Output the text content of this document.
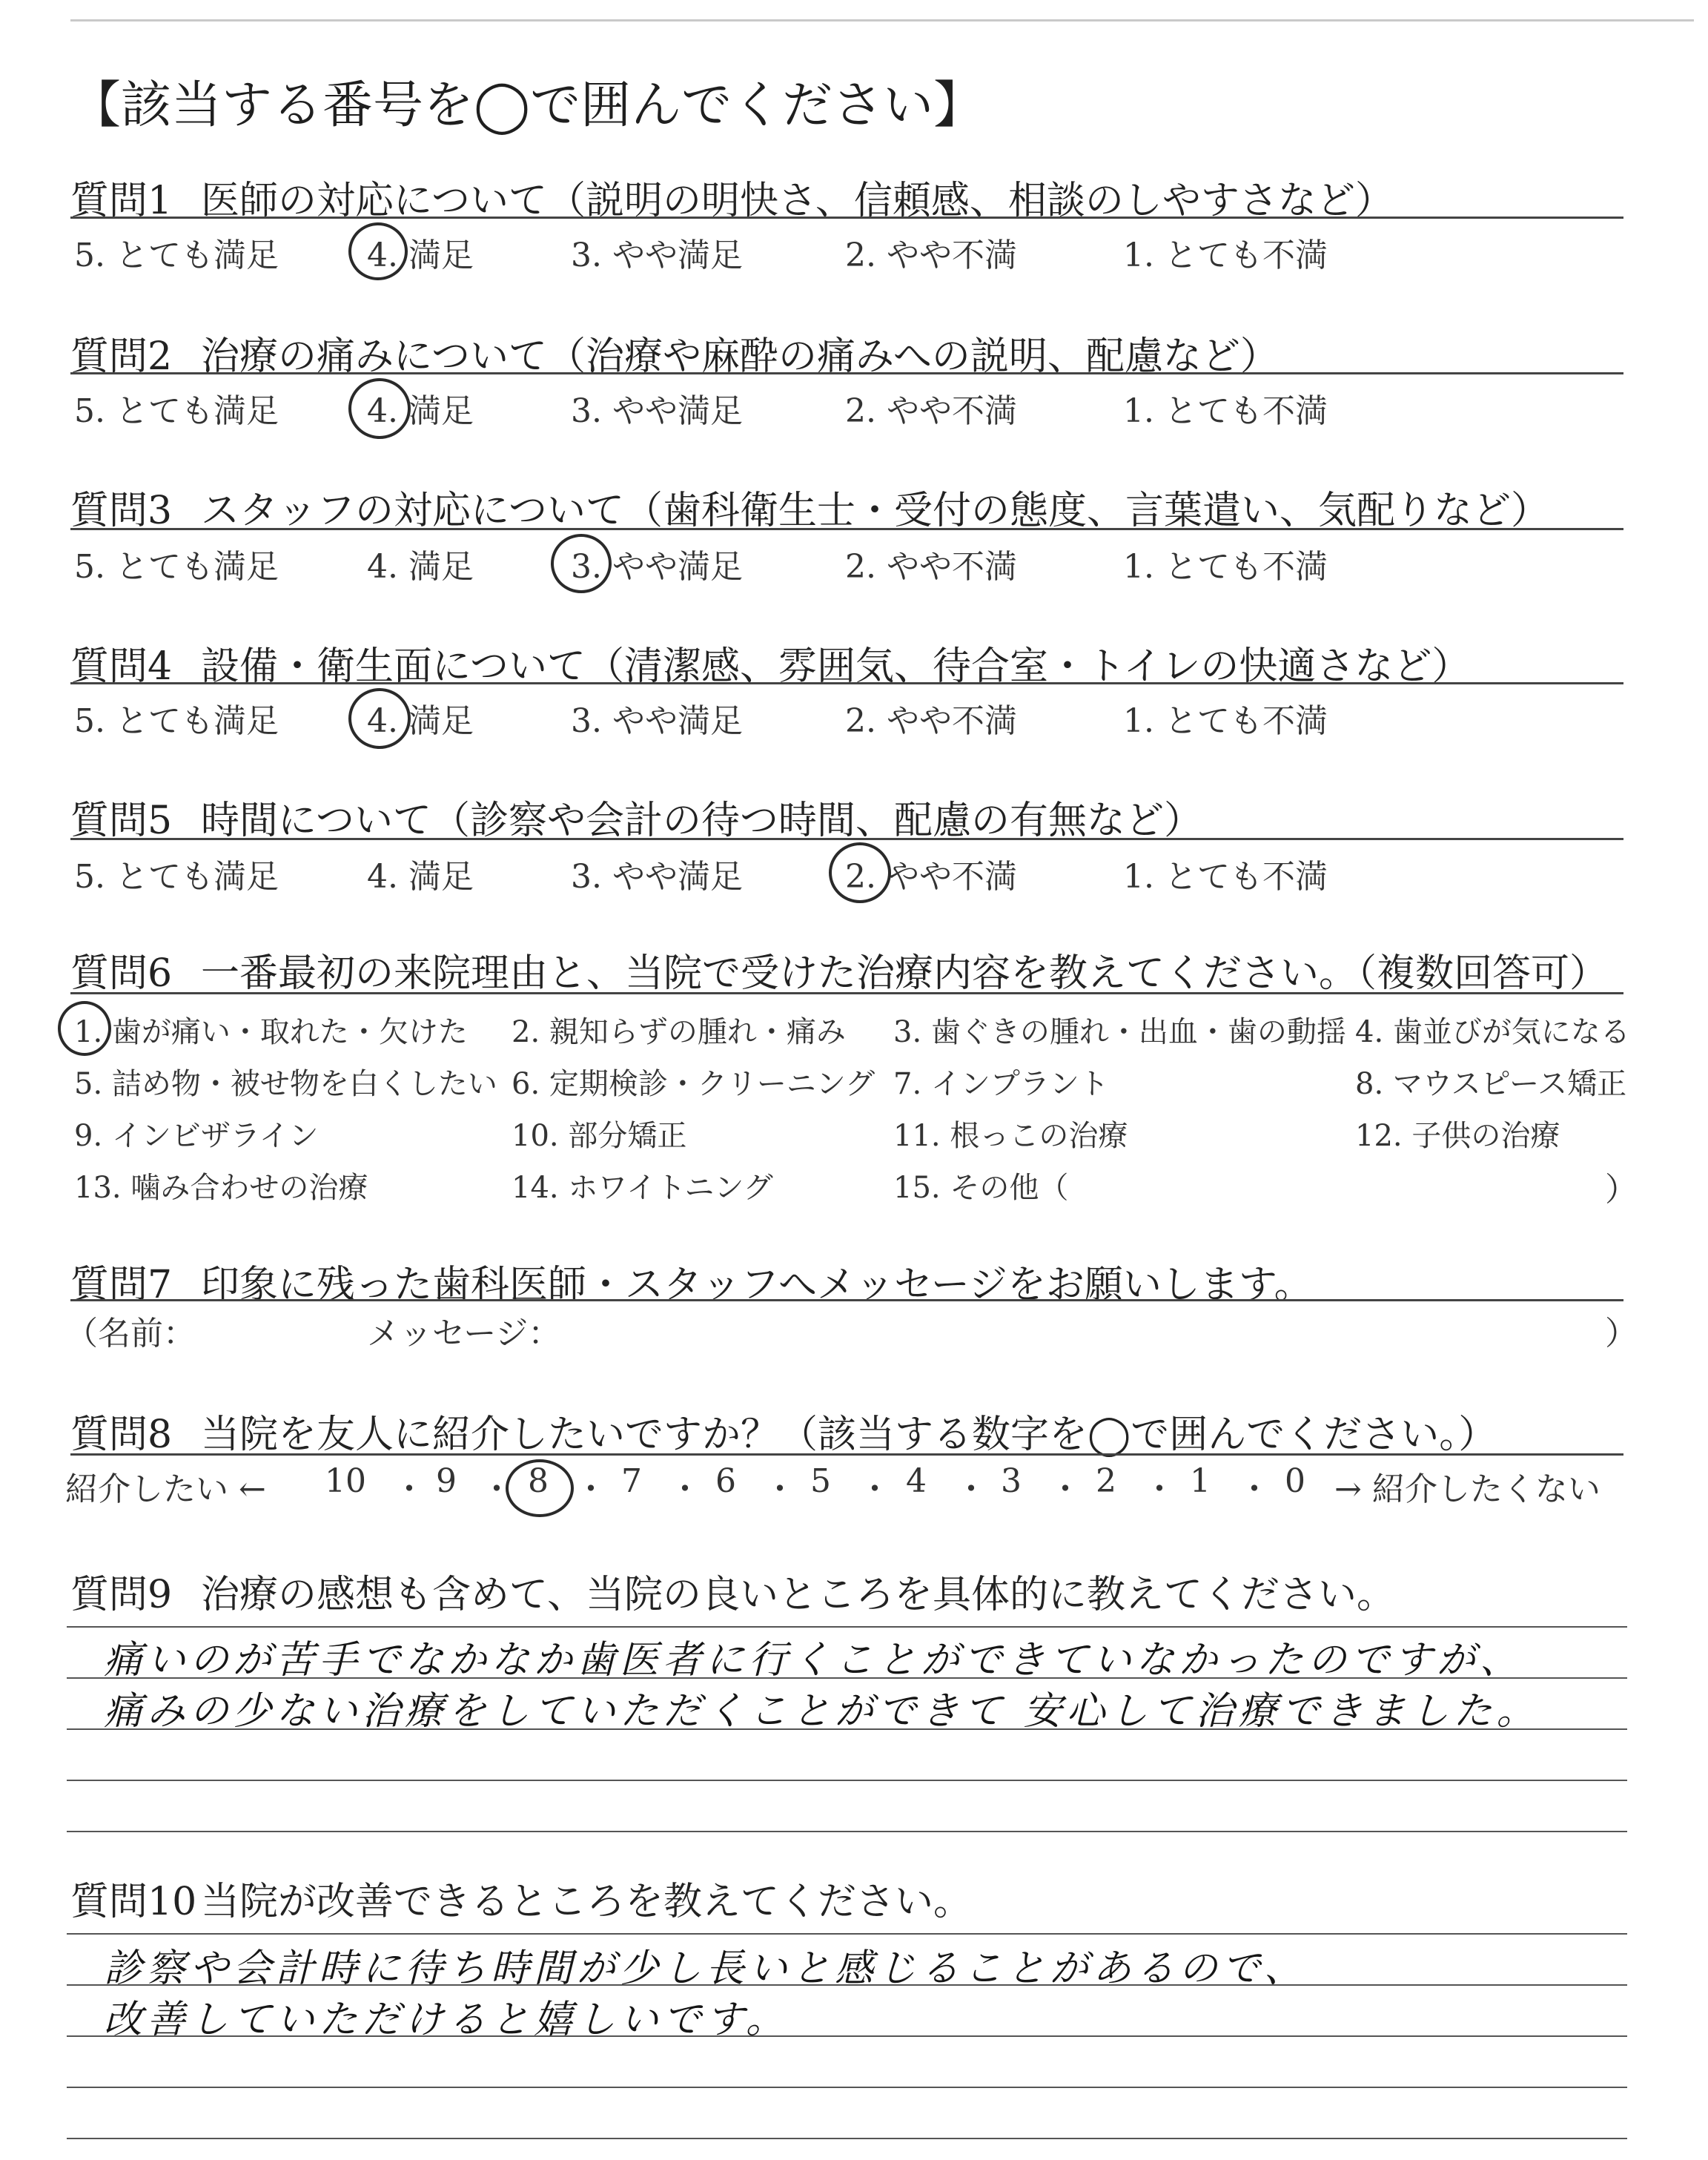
【該当する番号を◯で囲んでください】
質問1 医師の対応について（説明の明快さ、信頼感、相談のしやすさなど）
5. とても満足	4. 満足	3. やや満足	2. やや不満	1. とても不満
質問2 治療の痛みについて（治療や麻酔の痛みへの説明、配慮など）
5. とても満足	4. 満足	3. やや満足	2. やや不満	1. とても不満
質問3 スタッフの対応について（歯科衛生士・受付の態度、言葉遣い、気配りなど）
5. とても満足	4. 満足	3. やや満足	2. やや不満	1. とても不満
質問4 設備・衛生面について（清潔感、雰囲気、待合室・トイレの快適さなど）
5. とても満足	4. 満足	3. やや満足	2. やや不満	1. とても不満
質問5 時間について（診察や会計の待つ時間、配慮の有無など）
5. とても満足	4. 満足	3. やや満足	2. やや不満	1. とても不満
質問6 一番最初の来院理由と、当院で受けた治療内容を教えてください。（複数回答可）
1. 歯が痛い・取れた・欠けた 2. 親知らずの腫れ・痛み 3. 歯ぐきの腫れ・出血・歯の動揺 4. 歯並びが気になる
5. 詰め物・被せ物を白くしたい 6. 定期検診・クリーニング 7. インプラント	8. マウスピース矯正
9. インビザライン	10. 部分矯正	11. 根っこの治療	12. 子供の治療
13. 噛み合わせの治療	14. ホワイトニング	15. その他（	）
質問7 印象に残った歯科医師・スタッフへメッセージをお願いします。
（名前：	メッセージ：	）
質問8 当院を友人に紹介したいですか？（該当する数字を◯で囲んでください。）
紹介したい ← 10 ・ 9 ・ 8 ・ 7 ・ 6 ・ 5 ・ 4 ・ 3 ・ 2 ・ 1 ・ 0 → 紹介したくない
質問9 治療の感想も含めて、当院の良いところを具体的に教えてください。
痛いのが苦手でなかなか歯医者に行くことができていなかったのですが、
痛みの少ない治療をしていただくことができて 安心して治療できました。
質問10 当院が改善できるところを教えてください。
診察や会計時に待ち時間が少し長いと感じることがあるので、
改善していただけると嬉しいです。
